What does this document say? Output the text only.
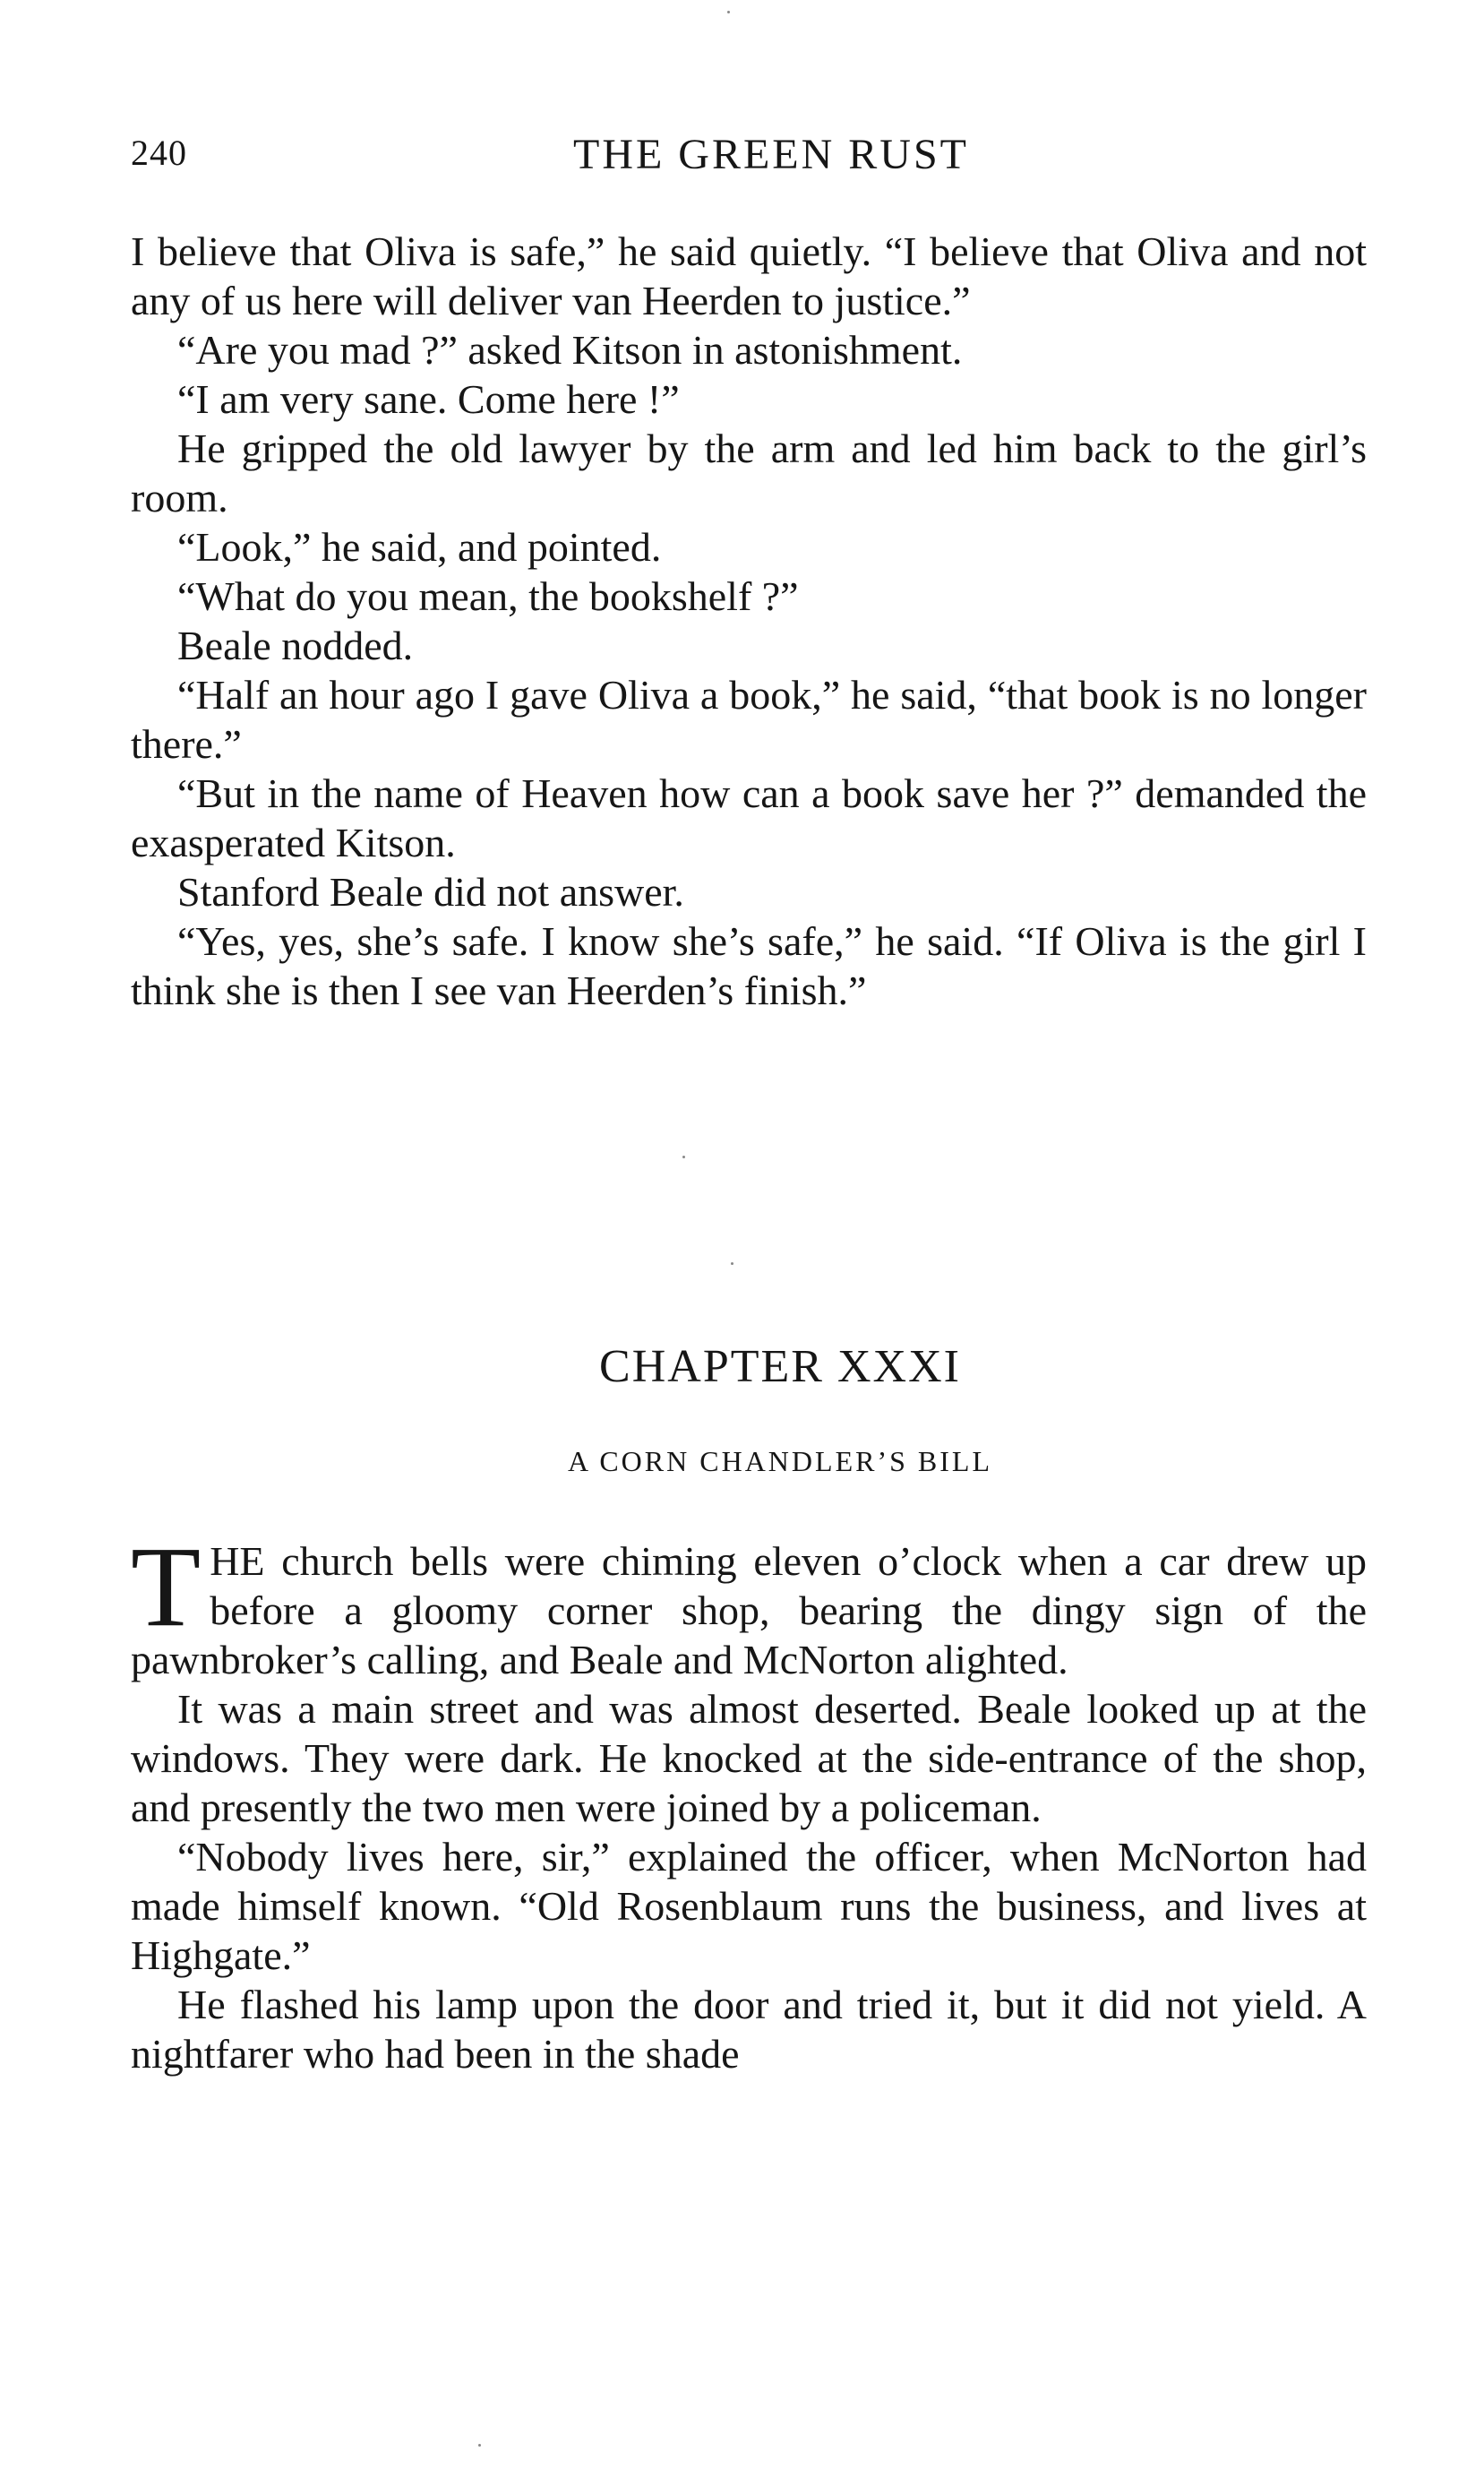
240	THE GREEN RUST

I believe that Oliva is safe,” he said quietly. “I believe that Oliva and not any of us here will deliver van Heerden to justice.”

“Are you mad ?” asked Kitson in astonishment.

“I am very sane. Come here !”

He gripped the old lawyer by the arm and led him back to the girl’s room.

“Look,” he said, and pointed.

“What do you mean, the bookshelf ?”

Beale nodded.

“Half an hour ago I gave Oliva a book,” he said, “that book is no longer there.”

“But in the name of Heaven how can a book save her ?” demanded the exasperated Kitson.

Stanford Beale did not answer.

“Yes, yes, she’s safe. I know she’s safe,” he said. “If Oliva is the girl I think she is then I see van Heerden’s finish.”

CHAPTER XXXI
A CORN CHANDLER’S BILL

THE church bells were chiming eleven o’clock when a car drew up before a gloomy corner shop, bearing the dingy sign of the pawnbroker’s calling, and Beale and McNorton alighted.

It was a main street and was almost deserted. Beale looked up at the windows. They were dark. He knocked at the side-entrance of the shop, and presently the two men were joined by a policeman.

“Nobody lives here, sir,” explained the officer, when McNorton had made himself known. “Old Rosenblaum runs the business, and lives at Highgate.”

He flashed his lamp upon the door and tried it, but it did not yield. A nightfarer who had been in the shade
